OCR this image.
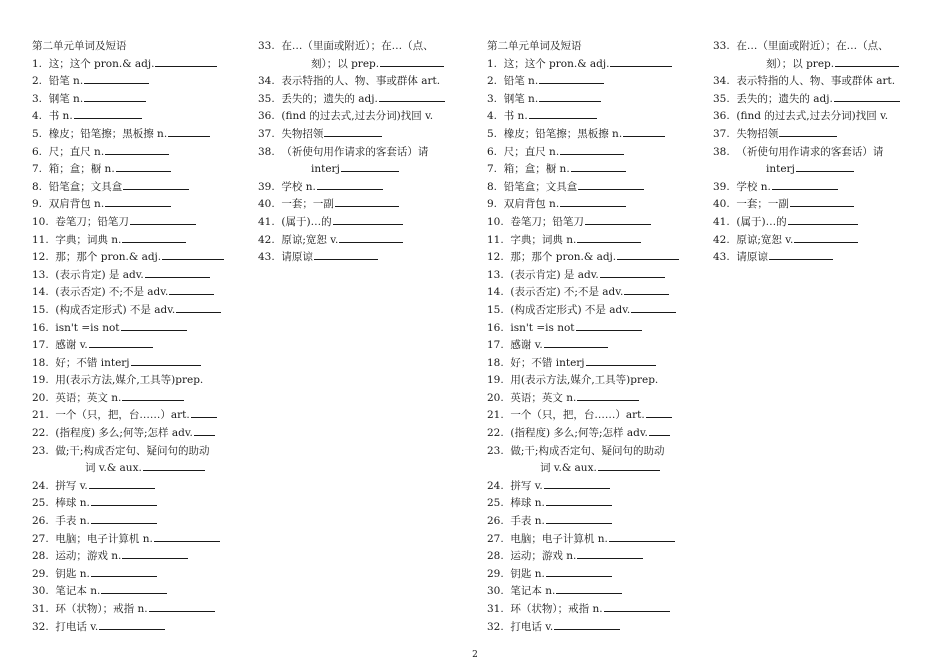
第二单元单词及短语
1. 这；这个 pron.& adj.
2. 铅笔 n.
3. 钢笔 n.
4. 书 n.
5. 橡皮；铅笔擦；黑板擦 n.
6. 尺；直尺 n.
7. 箱；盒；橱 n.
8. 铅笔盒；文具盒
9. 双肩背包 n.
10. 卷笔刀；铅笔刀
11. 字典；词典 n.
12. 那；那个 pron.& adj.
13. (表示肯定) 是 adv.
14. (表示否定) 不;不是 adv.
15. (构成否定形式) 不是 adv.
16. isn't =is not
17. 感谢 v.
18. 好；不错 interj
19. 用(表示方法,媒介,工具等)prep.
20. 英语；英文 n.
21. 一个（只，把，台……）art.
22. (指程度) 多么;何等;怎样 adv.
23. 做;干;构成否定句、疑问句的助动
词 v.& aux.
24. 拼写 v.
25. 棒球 n.
26. 手表 n.
27. 电脑；电子计算机 n.
28. 运动；游戏 n.
29. 钥匙 n.
30. 笔记本 n.
31. 环（状物）；戒指 n.
32. 打电话 v.
33. 在…（里面或附近）；在…（点、
刻）；以 prep.
34. 表示特指的人、物、事或群体 art.
35. 丢失的；遗失的 adj.
36. (find 的过去式,过去分词)找回 v.
37. 失物招领
38. （祈使句用作请求的客套话）请
interj
39. 学校 n.
40. 一套；一副
41. (属于)…的
42. 原谅;宽恕 v.
43. 请原谅
第二单元单词及短语
1. 这；这个 pron.& adj.
2. 铅笔 n.
3. 钢笔 n.
4. 书 n.
5. 橡皮；铅笔擦；黑板擦 n.
6. 尺；直尺 n.
7. 箱；盒；橱 n.
8. 铅笔盒；文具盒
9. 双肩背包 n.
10. 卷笔刀；铅笔刀
11. 字典；词典 n.
12. 那；那个 pron.& adj.
13. (表示肯定) 是 adv.
14. (表示否定) 不;不是 adv.
15. (构成否定形式) 不是 adv.
16. isn't =is not
17. 感谢 v.
18. 好；不错 interj
19. 用(表示方法,媒介,工具等)prep.
20. 英语；英文 n.
21. 一个（只，把，台……）art.
22. (指程度) 多么;何等;怎样 adv.
23. 做;干;构成否定句、疑问句的助动
词 v.& aux.
24. 拼写 v.
25. 棒球 n.
26. 手表 n.
27. 电脑；电子计算机 n.
28. 运动；游戏 n.
29. 钥匙 n.
30. 笔记本 n.
31. 环（状物）；戒指 n.
32. 打电话 v.
33. 在…（里面或附近）；在…（点、
刻）；以 prep.
34. 表示特指的人、物、事或群体 art.
35. 丢失的；遗失的 adj.
36. (find 的过去式,过去分词)找回 v.
37. 失物招领
38. （祈使句用作请求的客套话）请
interj
39. 学校 n.
40. 一套；一副
41. (属于)…的
42. 原谅;宽恕 v.
43. 请原谅
2
